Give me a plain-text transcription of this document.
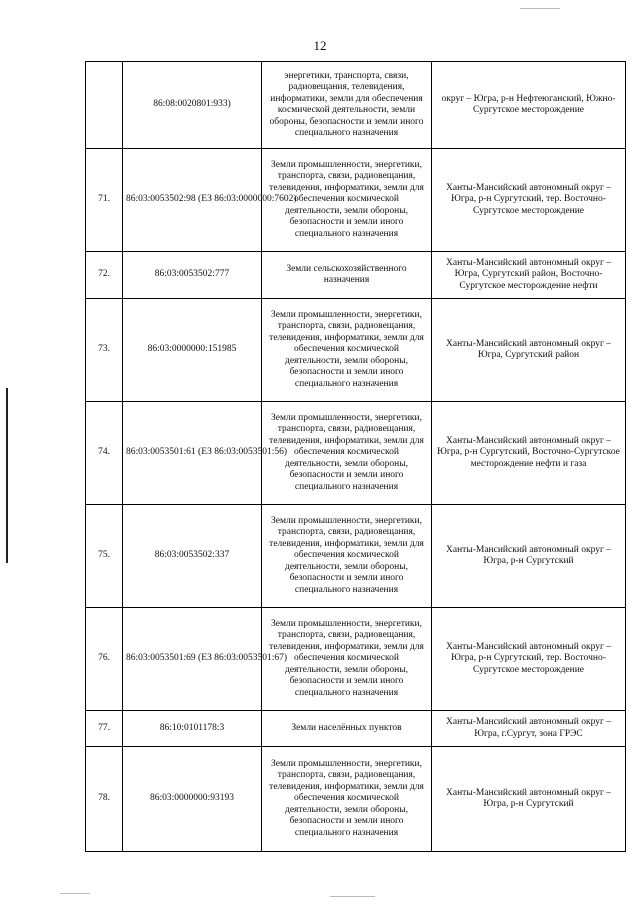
12
	86:08:0020801:933)	энергетики, транспорта, связи, радиовещания, телевидения, информатики, земли для обеспечения космической деятельности, земли обороны, безопасности и земли иного специального назначения	округ – Югра, р-н Нефтеюганский, Южно-Сургутское месторождение
71.	86:03:0053502:98 (ЕЗ 86:03:0000000:7602)	Земли промышленности, энергетики, транспорта, связи, радиовещания, телевидения, информатики, земли для обеспечения космической деятельности, земли обороны, безопасности и земли иного специального назначения	Ханты-Мансийский автономный округ – Югра, р-н Сургутский, тер. Восточно-Сургутское месторождение
72.	86:03:0053502:777	Земли сельскохозяйственного назначения	Ханты-Мансийский автономный округ – Югра, Сургутский район, Восточно-Сургутское месторождение нефти
73.	86:03:0000000:151985	Земли промышленности, энергетики, транспорта, связи, радиовещания, телевидения, информатики, земли для обеспечения космической деятельности, земли обороны, безопасности и земли иного специального назначения	Ханты-Мансийский автономный округ – Югра, Сургутский район
74.	86:03:0053501:61 (ЕЗ 86:03:0053501:56)	Земли промышленности, энергетики, транспорта, связи, радиовещания, телевидения, информатики, земли для обеспечения космической деятельности, земли обороны, безопасности и земли иного специального назначения	Ханты-Мансийский автономный округ – Югра, р-н Сургутский, Восточно-Сургутское месторождение нефти и газа
75.	86:03:0053502:337	Земли промышленности, энергетики, транспорта, связи, радиовещания, телевидения, информатики, земли для обеспечения космической деятельности, земли обороны, безопасности и земли иного специального назначения	Ханты-Мансийский автономный округ – Югра, р-н Сургутский
76.	86:03:0053501:69 (ЕЗ 86:03:0053501:67)	Земли промышленности, энергетики, транспорта, связи, радиовещания, телевидения, информатики, земли для обеспечения космической деятельности, земли обороны, безопасности и земли иного специального назначения	Ханты-Мансийский автономный округ – Югра, р-н Сургутский, тер. Восточно-Сургутское месторождение
77.	86:10:0101178:3	Земли населённых пунктов	Ханты-Мансийский автономный округ – Югра, г.Сургут, зона ГРЭС
78.	86:03:0000000:93193	Земли промышленности, энергетики, транспорта, связи, радиовещания, телевидения, информатики, земли для обеспечения космической деятельности, земли обороны, безопасности и земли иного специального назначения	Ханты-Мансийский автономный округ – Югра, р-н Сургутский
